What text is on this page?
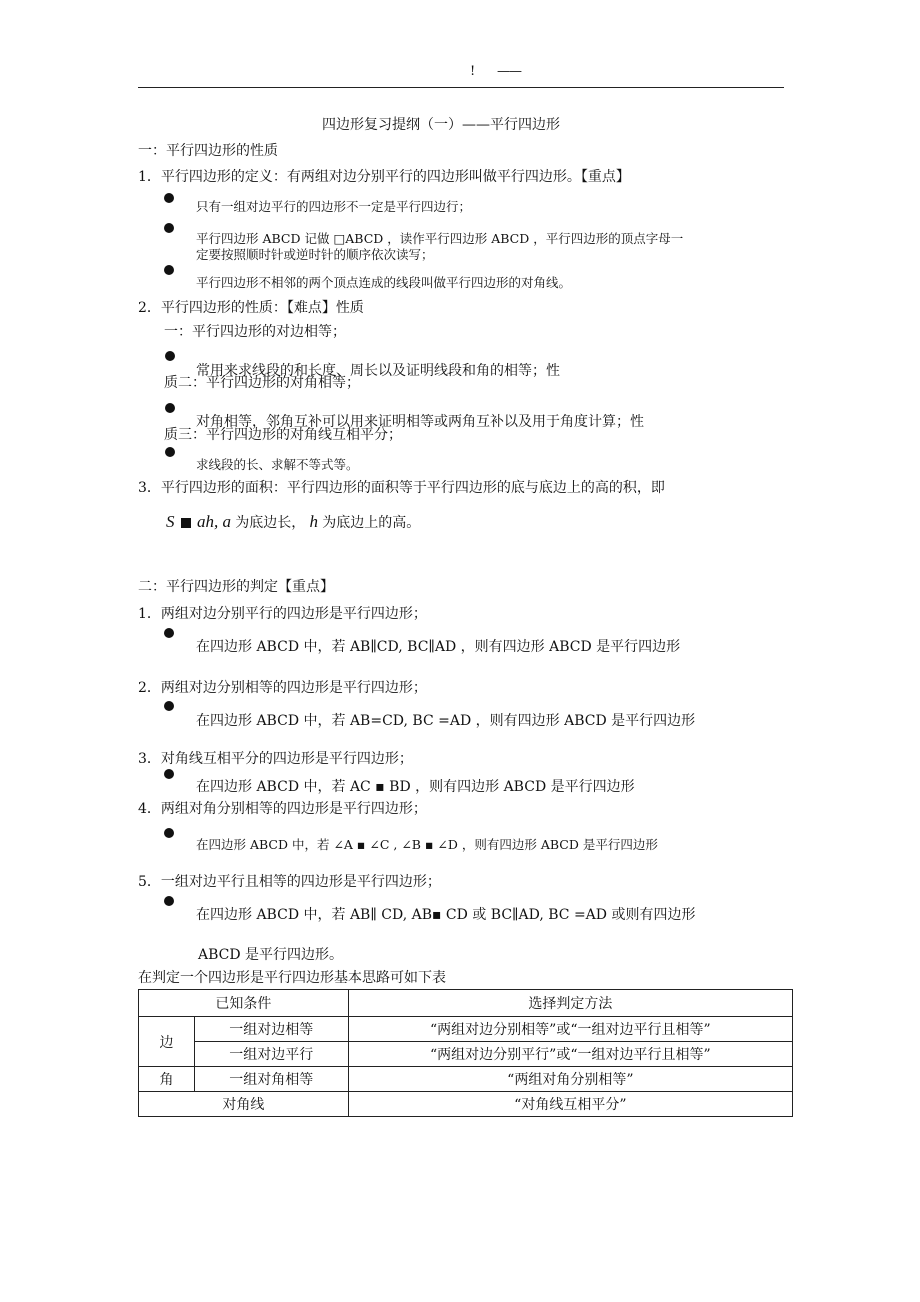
! ——
四边形复习提纲（一）——平行四边形
一：平行四边形的性质
1．平行四边形的定义：有两组对边分别平行的四边形叫做平行四边形。【重点】
只有一组对边平行的四边形不一定是平行四边行；
平行四边形 ABCD 记做 □ABCD ，读作平行四边形 ABCD ，平行四边形的顶点字母一
定要按照顺时针或逆时针的顺序依次读写；
平行四边形不相邻的两个顶点连成的线段叫做平行四边形的对角线。
2．平行四边形的性质：【难点】性质
一：平行四边形的对边相等；
常用来求线段的和长度、周长以及证明线段和角的相等；性
质二：平行四边形的对角相等；
对角相等，邻角互补可以用来证明相等或两角互补以及用于角度计算；性
质三：平行四边形的对角线互相平分；
求线段的长、求解不等式等。
3．平行四边形的面积：平行四边形的面积等于平行四边形的底与底边上的高的积，即
S ah, a 为底边长， h 为底边上的高。
二：平行四边形的判定【重点】
1．两组对边分别平行的四边形是平行四边形；
在四边形 ABCD 中，若 AB∥CD, BC∥AD ，则有四边形 ABCD 是平行四边形
2．两组对边分别相等的四边形是平行四边形；
在四边形 ABCD 中，若 AB=CD, BC =AD ，则有四边形 ABCD 是平行四边形
3．对角线互相平分的四边形是平行四边形；
在四边形 ABCD 中，若 AC ▪ BD ，则有四边形 ABCD 是平行四边形
4．两组对角分别相等的四边形是平行四边形；
在四边形 ABCD 中，若 ∠A ▪ ∠C , ∠B ▪ ∠D ，则有四边形 ABCD 是平行四边形
5．一组对边平行且相等的四边形是平行四边形；
在四边形 ABCD 中，若 AB∥ CD, AB▪ CD 或 BC∥AD, BC =AD 或则有四边形
ABCD 是平行四边形。
在判定一个四边形是平行四边形基本思路可如下表
已知条件		选择判定方法
边	一组对边相等	“两组对边分别相等”或“一组对边平行且相等”
	一组对边平行	“两组对边分别平行”或“一组对边平行且相等”
角	一组对角相等	“两组对角分别相等”
对角线		“对角线互相平分”
